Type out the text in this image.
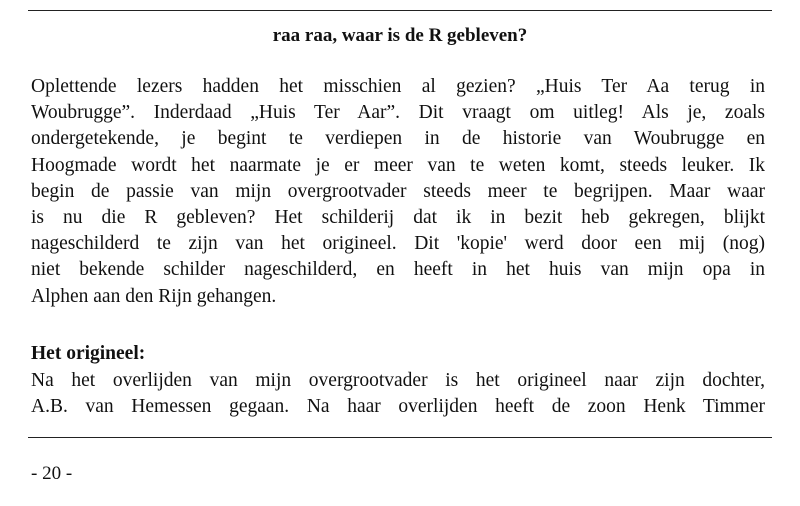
raa raa, waar is de R gebleven?
Oplettende lezers hadden het misschien al gezien? „Huis Ter Aa terug in
Woubrugge”. Inderdaad „Huis Ter Aar”. Dit vraagt om uitleg! Als je, zoals
ondergetekende, je begint te verdiepen in de historie van Woubrugge en
Hoogmade wordt het naarmate je er meer van te weten komt, steeds leuker. Ik
begin de passie van mijn overgrootvader steeds meer te begrijpen. Maar waar
is nu die R gebleven? Het schilderij dat ik in bezit heb gekregen, blijkt
nageschilderd te zijn van het origineel. Dit 'kopie' werd door een mij (nog)
niet bekende schilder nageschilderd, en heeft in het huis van mijn opa in
Alphen aan den Rijn gehangen.
Het origineel:
Na het overlijden van mijn overgrootvader is het origineel naar zijn dochter,
A.B. van Hemessen gegaan. Na haar overlijden heeft de zoon Henk Timmer
- 20 -
